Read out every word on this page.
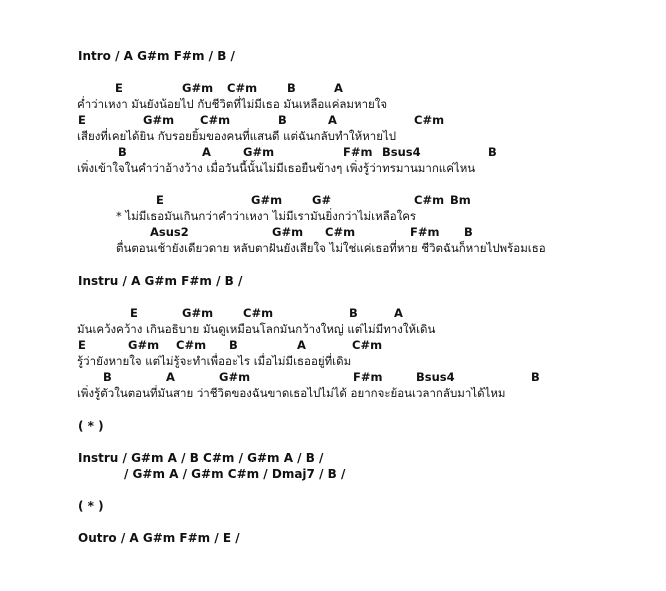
Intro / A G#m F#m / B /
E	G#m C#m	B	A
ค่ำว่าเหงา มันยังน้อยไป กับชีวิตที่ไม่มีเธอ มันเหลือแค่ลมหายใจ
E	G#m C#m	B	A	C#m
เสียงที่เคยได้ยิน กับรอยยิ้มของคนที่แสนดี แต่ฉันกลับทำให้หายไป
B	A	G#m	F#m Bsus4	B
เพิ่งเข้าใจในคำว่าอ้างว้าง เมื่อวันนี้นั้นไม่มีเธอยืนข้างๆ เพิ่งรู้ว่าทรมานมากแค่ไหน
E	G#m	G#	C#m Bm
* ไม่มีเธอมันเกินกว่าคำว่าเหงา ไม่มีเรามันยิ่งกว่าไม่เหลือใคร
Asus2	G#m C#m	F#m B
ตื่นตอนเช้ายังเดียวดาย หลับตาฝันยังเสียใจ ไม่ใช่แค่เธอที่หาย ชีวิตฉันก็หายไปพร้อมเธอ
Instru / A G#m F#m / B /
E	G#m	C#m	B	A
มันเคว้งคว้าง เกินอธิบาย มันดูเหมือนโลกมันกว้างใหญ่ แต่ไม่มีทางให้เดิน
E	G#m C#m B	A	C#m
รู้ว่ายังหายใจ แต่ไม่รู้จะทำเพื่ออะไร เมื่อไม่มีเธออยู่ที่เดิม
B	A	G#m	F#m	Bsus4	B
เพิ่งรู้ตัวในตอนที่มันสาย ว่าชีวิตของฉันขาดเธอไปไม่ได้ อยากจะย้อนเวลากลับมาได้ไหม
( * )
Instru / G#m A / B C#m / G#m A / B /
/ G#m A / G#m C#m / Dmaj7 / B /
( * )
Outro / A G#m F#m / E /
